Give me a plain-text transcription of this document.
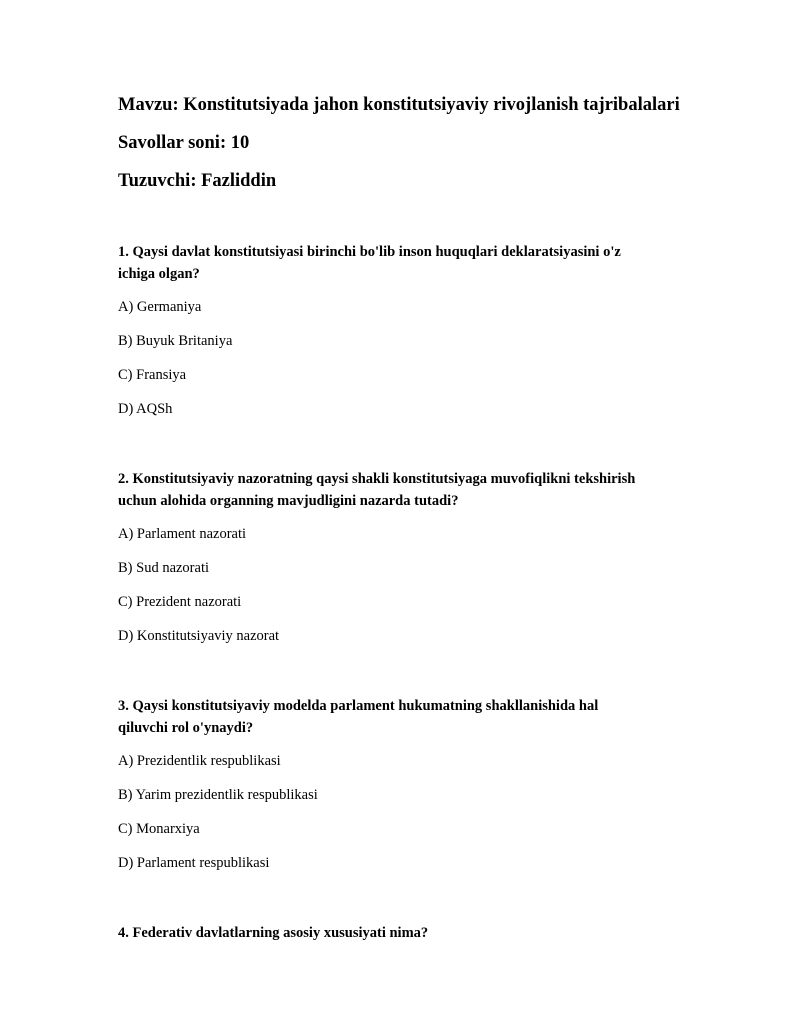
Mavzu: Konstitutsiyada jahon konstitutsiyaviy rivojlanish tajribalalari
Savollar soni: 10
Tuzuvchi: Fazliddin
1. Qaysi davlat konstitutsiyasi birinchi bo'lib inson huquqlari deklaratsiyasini o'z
ichiga olgan?
A) Germaniya
B) Buyuk Britaniya
C) Fransiya
D) AQSh
2. Konstitutsiyaviy nazoratning qaysi shakli konstitutsiyaga muvofiqlikni tekshirish
uchun alohida organning mavjudligini nazarda tutadi?
A) Parlament nazorati
B) Sud nazorati
C) Prezident nazorati
D) Konstitutsiyaviy nazorat
3. Qaysi konstitutsiyaviy modelda parlament hukumatning shakllanishida hal
qiluvchi rol o'ynaydi?
A) Prezidentlik respublikasi
B) Yarim prezidentlik respublikasi
C) Monarxiya
D) Parlament respublikasi
4. Federativ davlatlarning asosiy xususiyati nima?
